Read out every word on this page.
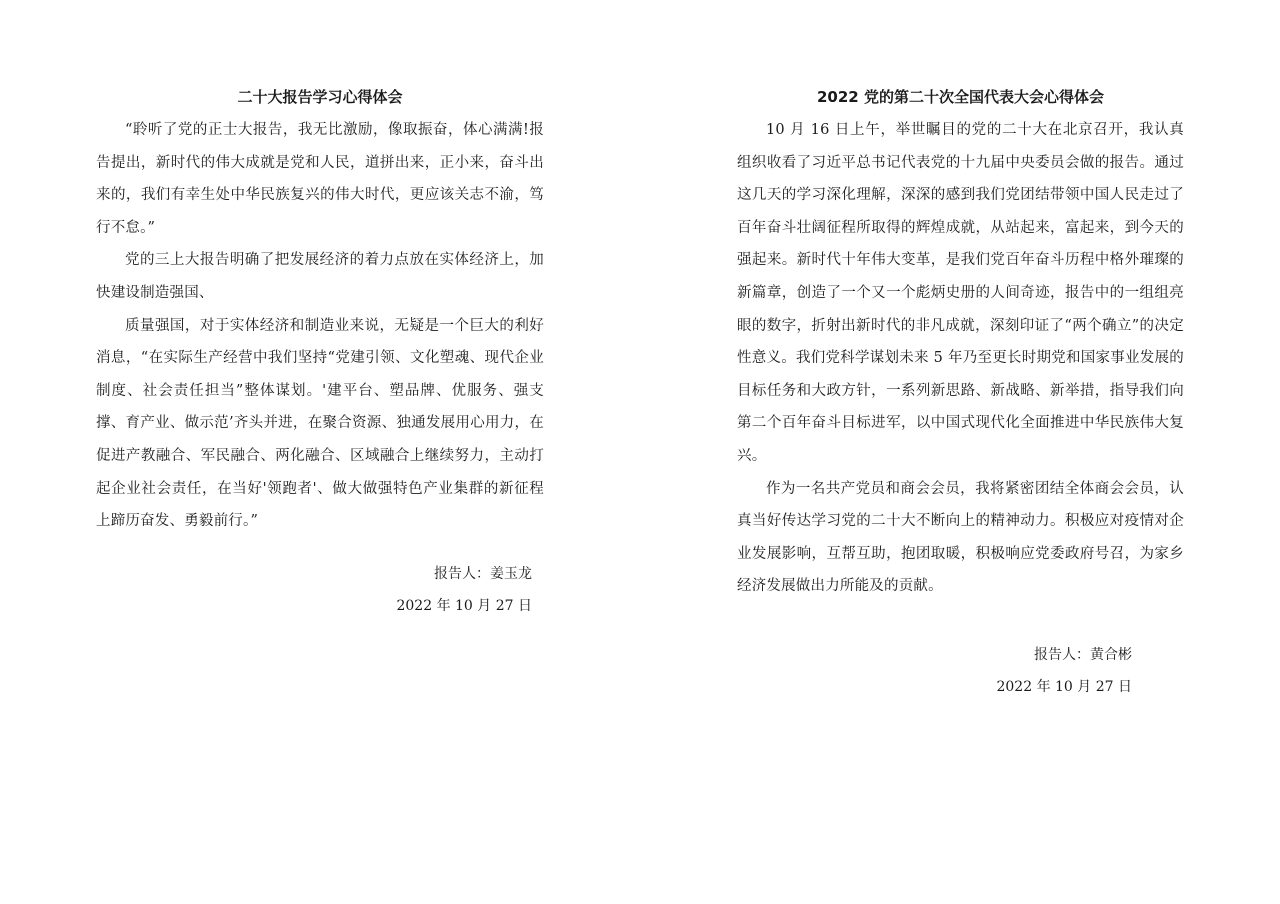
二十大报告学习心得体会

“聆听了党的正士大报告，我无比激励，像取振奋，体心满满!报告提出，新时代的伟大成就是党和人民，道拼出来，正小来，奋斗出来的，我们有幸生处中华民族复兴的伟大时代，更应该关志不渝，笃行不怠。”

党的三上大报告明确了把发展经济的着力点放在实体经济上，加快建设制造强国、

质量强国，对于实体经济和制造业来说，无疑是一个巨大的利好消息，“在实际生产经营中我们坚持“党建引领、文化塑魂、现代企业制度、社会责任担当”整体谋划。'建平台、塑品牌、优服务、强支撑、育产业、做示范’齐头并进，在聚合资源、独通发展用心用力，在促进产教融合、军民融合、两化融合、区域融合上继续努力，主动打起企业社会责任，在当好'领跑者'、做大做强特色产业集群的新征程上蹄历奋发、勇毅前行。”

报告人：姜玉龙
2022 年 10 月 27 日
2022 党的第二十次全国代表大会心得体会

10 月 16 日上午，举世瞩目的党的二十大在北京召开，我认真组织收看了习近平总书记代表党的十九届中央委员会做的报告。通过这几天的学习深化理解，深深的感到我们党团结带领中国人民走过了百年奋斗壮阔征程所取得的辉煌成就，从站起来，富起来，到今天的强起来。新时代十年伟大变革，是我们党百年奋斗历程中格外璀璨的新篇章，创造了一个又一个彪炳史册的人间奇迹，报告中的一组组亮眼的数字，折射出新时代的非凡成就，深刻印证了“两个确立”的决定性意义。我们党科学谋划未来 5 年乃至更长时期党和国家事业发展的目标任务和大政方针，一系列新思路、新战略、新举措，指导我们向第二个百年奋斗目标进军，以中国式现代化全面推进中华民族伟大复兴。

作为一名共产党员和商会会员，我将紧密团结全体商会会员，认真当好传达学习党的二十大不断向上的精神动力。积极应对疫情对企业发展影响，互帮互助，抱团取暖，积极响应党委政府号召，为家乡经济发展做出力所能及的贡献。

报告人：黄合彬
2022 年 10 月 27 日
